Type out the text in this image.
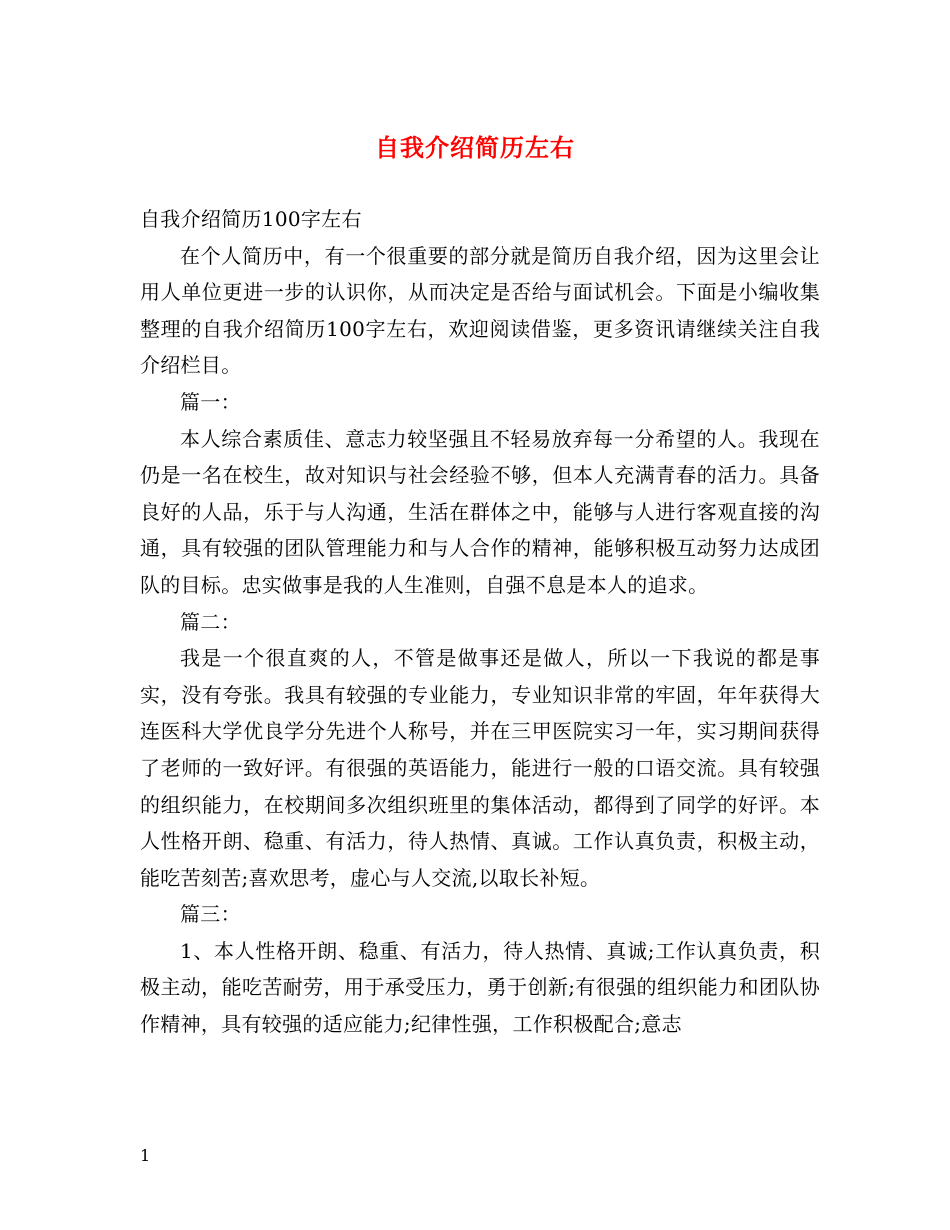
自我介绍简历左右

自我介绍简历100字左右

在个人简历中，有一个很重要的部分就是简历自我介绍，因为这里会让用人单位更进一步的认识你，从而决定是否给与面试机会。下面是小编收集整理的自我介绍简历100字左右，欢迎阅读借鉴，更多资讯请继续关注自我介绍栏目。

篇一：

本人综合素质佳、意志力较坚强且不轻易放弃每一分希望的人。我现在仍是一名在校生，故对知识与社会经验不够，但本人充满青春的活力。具备良好的人品，乐于与人沟通，生活在群体之中，能够与人进行客观直接的沟通，具有较强的团队管理能力和与人合作的精神，能够积极互动努力达成团队的目标。忠实做事是我的人生准则，自强不息是本人的追求。

篇二：

我是一个很直爽的人，不管是做事还是做人，所以一下我说的都是事实，没有夸张。我具有较强的专业能力，专业知识非常的牢固，年年获得大连医科大学优良学分先进个人称号，并在三甲医院实习一年，实习期间获得了老师的一致好评。有很强的英语能力，能进行一般的口语交流。具有较强的组织能力，在校期间多次组织班里的集体活动，都得到了同学的好评。本人性格开朗、稳重、有活力，待人热情、真诚。工作认真负责，积极主动，能吃苦刻苦;喜欢思考，虚心与人交流,以取长补短。

篇三：

1、本人性格开朗、稳重、有活力，待人热情、真诚;工作认真负责，积极主动，能吃苦耐劳，用于承受压力，勇于创新;有很强的组织能力和团队协作精神，具有较强的适应能力;纪律性强，工作积极配合;意志

1
